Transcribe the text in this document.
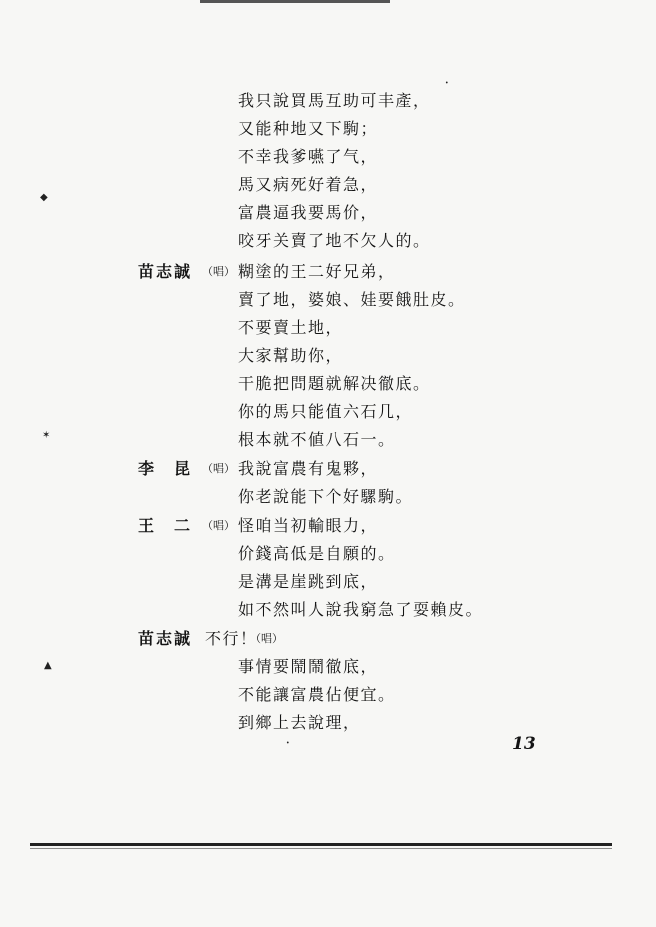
我只說買馬互助可丰產，
又能种地又下駒；
不幸我爹嚥了气，
馬又病死好着急，
富農逼我要馬价，
咬牙关賣了地不欠人的。
苗志誠 （唱） 糊塗的王二好兄弟，
賣了地，婆娘、娃要餓肚皮。
不要賣土地，
大家幫助你，
干脆把問題就解决徹底。
你的馬只能值六石几，
根本就不値八石一。
李　昆 （唱） 我說富農有鬼夥，
你老說能下个好騾駒。
王　二 （唱） 怪咱当初輸眼力，
价錢高低是自願的。
是溝是崖跳到底，
如不然叫人說我窮急了耍賴皮。
苗志誠 不行！
（唱）
事情要鬧鬧徹底，
不能讓富農佔便宜。
到鄉上去說理，
13
◆
✶
▲
•
•
